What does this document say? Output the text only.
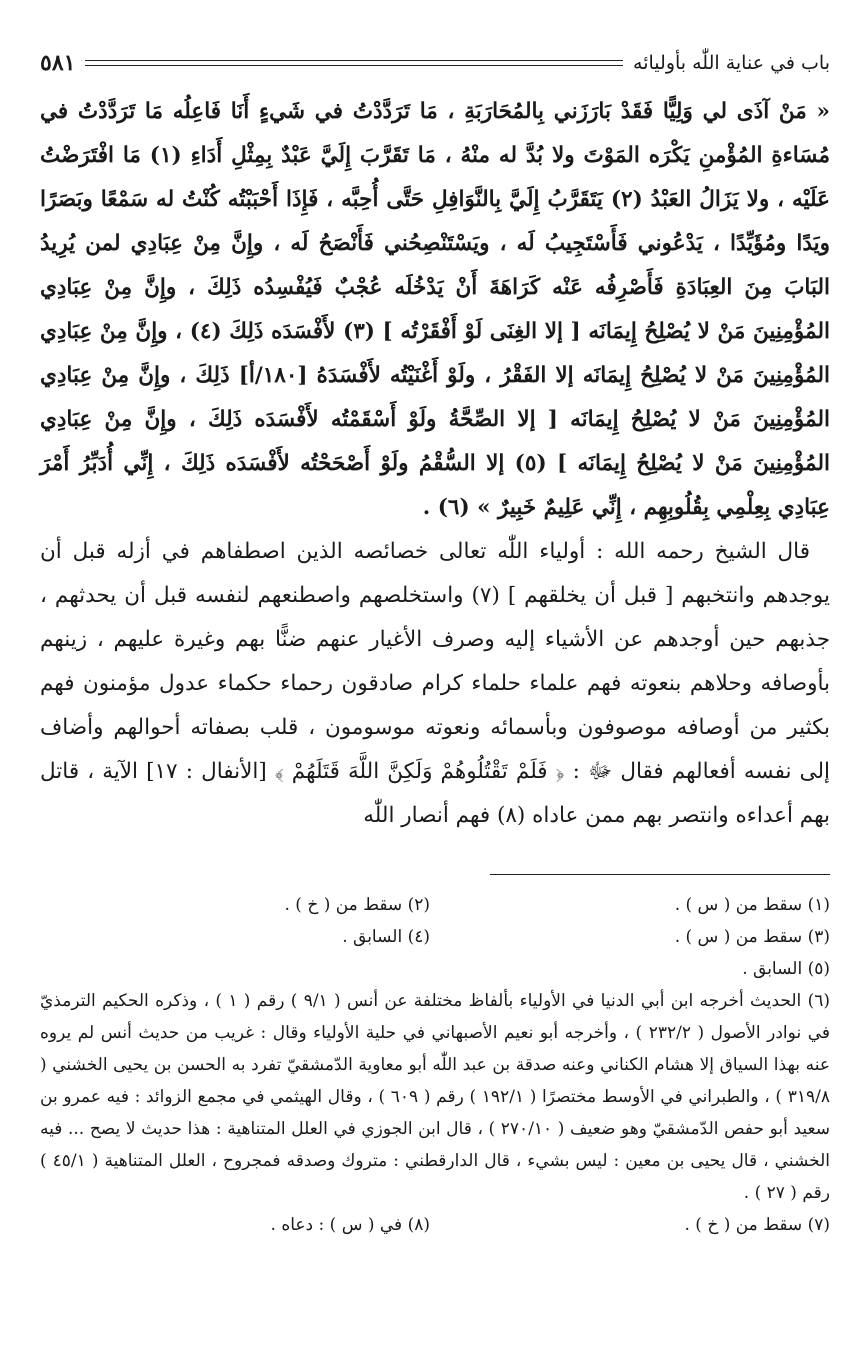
باب في عناية اللّٰه بأوليائه
٥٨١

« مَنْ آذَى لي وَلِيًّا فَقَدْ بَارَزَني بِالمُحَارَبَةِ ، مَا تَرَدَّدْتُ في شَيءٍ أَنَا فَاعِلُه مَا تَرَدَّدْتُ في مُسَاءةِ المُؤْمنِ يَكْرَه المَوْتَ ولا بُدَّ له منْهُ ، مَا تَقَرَّبَ إِلَيَّ عَبْدٌ بِمِثْلِ أَدَاءِ (١) مَا افْتَرَضْتُ عَلَيْه ، ولا يَزَالُ العَبْدُ (٢) يَتَقَرَّبُ إِلَيَّ بِالنَّوَافِلِ حَتَّى أُحِبَّه ، فَإِذَا أَحْبَبْتُه كُنْتُ له سَمْعًا وبَصَرًا ويَدًا ومُؤَيِّدًا ، يَدْعُوني فَأَسْتَجِيبُ لَه ، ويَسْتَنْصِحُني فَأَنْصَحُ لَه ، وإِنَّ مِنْ عِبَادِي لمن يُرِيدُ البَابَ مِنَ العِبَادَةِ فَأَصْرِفُه عَنْه كَرَاهَةَ أَنْ يَدْخُلَه عُجْبٌ فَيُفْسِدُه ذَلِكَ ، وإِنَّ مِنْ عِبَادِي المُؤْمِنِينَ مَنْ لا يُصْلِحُ إِيمَانَه [ إلا الغِنَى لَوْ أَفْقَرْتُه ] (٣) لأَفْسَدَه ذَلِكَ (٤) ، وإِنَّ مِنْ عِبَادِي المُؤْمِنِينَ مَنْ لا يُصْلِحُ إِيمَانَه إلا الفَقْرُ ، ولَوْ أَغْنَيْتُه لأَفْسَدَهُ [١٨٠/أ] ذَلِكَ ، وإِنَّ مِنْ عِبَادِي المُؤْمِنِينَ مَنْ لا يُصْلِحُ إِيمَانَه [ إلا الصِّحَّةُ ولَوْ أَسْقَمْتُه لأَفْسَدَه ذَلِكَ ، وإِنَّ مِنْ عِبَادِي المُؤْمِنِينَ مَنْ لا يُصْلِحُ إِيمَانَه ] (٥) إلا السُّقْمُ ولَوْ أَصْحَحْتُه لأَفْسَدَه ذَلِكَ ، إِنِّي أُدَبِّرُ أَمْرَ عِبَادِي بِعِلْمِي بِقُلُوبِهِم ، إِنِّي عَلِيمٌ خَبِيرٌ » (٦) .

قال الشيخ رحمه الله : أولياء اللّٰه تعالى خصائصه الذين اصطفاهم في أزله قبل أن يوجدهم وانتخبهم [ قبل أن يخلقهم ] (٧) واستخلصهم واصطنعهم لنفسه قبل أن يحدثهم ، جذبهم حين أوجدهم عن الأشياء إليه وصرف الأغيار عنهم ضنًّا بهم وغيرة عليهم ، زينهم بأوصافه وحلاهم بنعوته فهم علماء حلماء كرام صادقون رحماء حكماء عدول مؤمنون فهم بكثير من أوصافه موصوفون وبأسمائه ونعوته موسومون ، قلب بصفاته أحوالهم وأضاف إلى نفسه أفعالهم فقال ﷻ : ﴿ فَلَمْ تَقْتُلُوهُمْ وَلَكِنَّ اللَّهَ قَتَلَهُمْ ﴾ [الأنفال : ١٧] الآية ، قاتل بهم أعداءه وانتصر بهم ممن عاداه (٨) فهم أنصار اللّٰه

(١) سقط من ( س ) .
(٢) سقط من ( خ ) .
(٣) سقط من ( س ) .
(٤) السابق .

(٥) السابق .

(٦) الحديث أخرجه ابن أبي الدنيا في الأولياء بألفاظ مختلفة عن أنس ( ٩/١ ) رقم ( ١ ) ، وذكره الحكيم الترمذيّ في نوادر الأصول ( ٢٣٢/٢ ) ، وأخرجه أبو نعيم الأصبهاني في حلية الأولياء وقال : غريب من حديث أنس لم يروه عنه بهذا السياق إلا هشام الكناني وعنه صدقة بن عبد اللّٰه أبو معاوية الدّمشقيّ تفرد به الحسن بن يحيى الخشني ( ٣١٩/٨ ) ، والطبراني في الأوسط مختصرًا ( ١٩٢/١ ) رقم ( ٦٠٩ ) ، وقال الهيثمي في مجمع الزوائد : فيه عمرو بن سعيد أبو حفص الدّمشقيّ وهو ضعيف ( ٢٧٠/١٠ ) ، قال ابن الجوزي في العلل المتناهية : هذا حديث لا يصح ... فيه الخشني ، قال يحيى بن معين : ليس بشيء ، قال الدارقطني : متروك وصدقه فمجروح ، العلل المتناهية ( ٤٥/١ ) رقم ( ٢٧ ) .

(٧) سقط من ( خ ) .
(٨) في ( س ) : دعاه .
